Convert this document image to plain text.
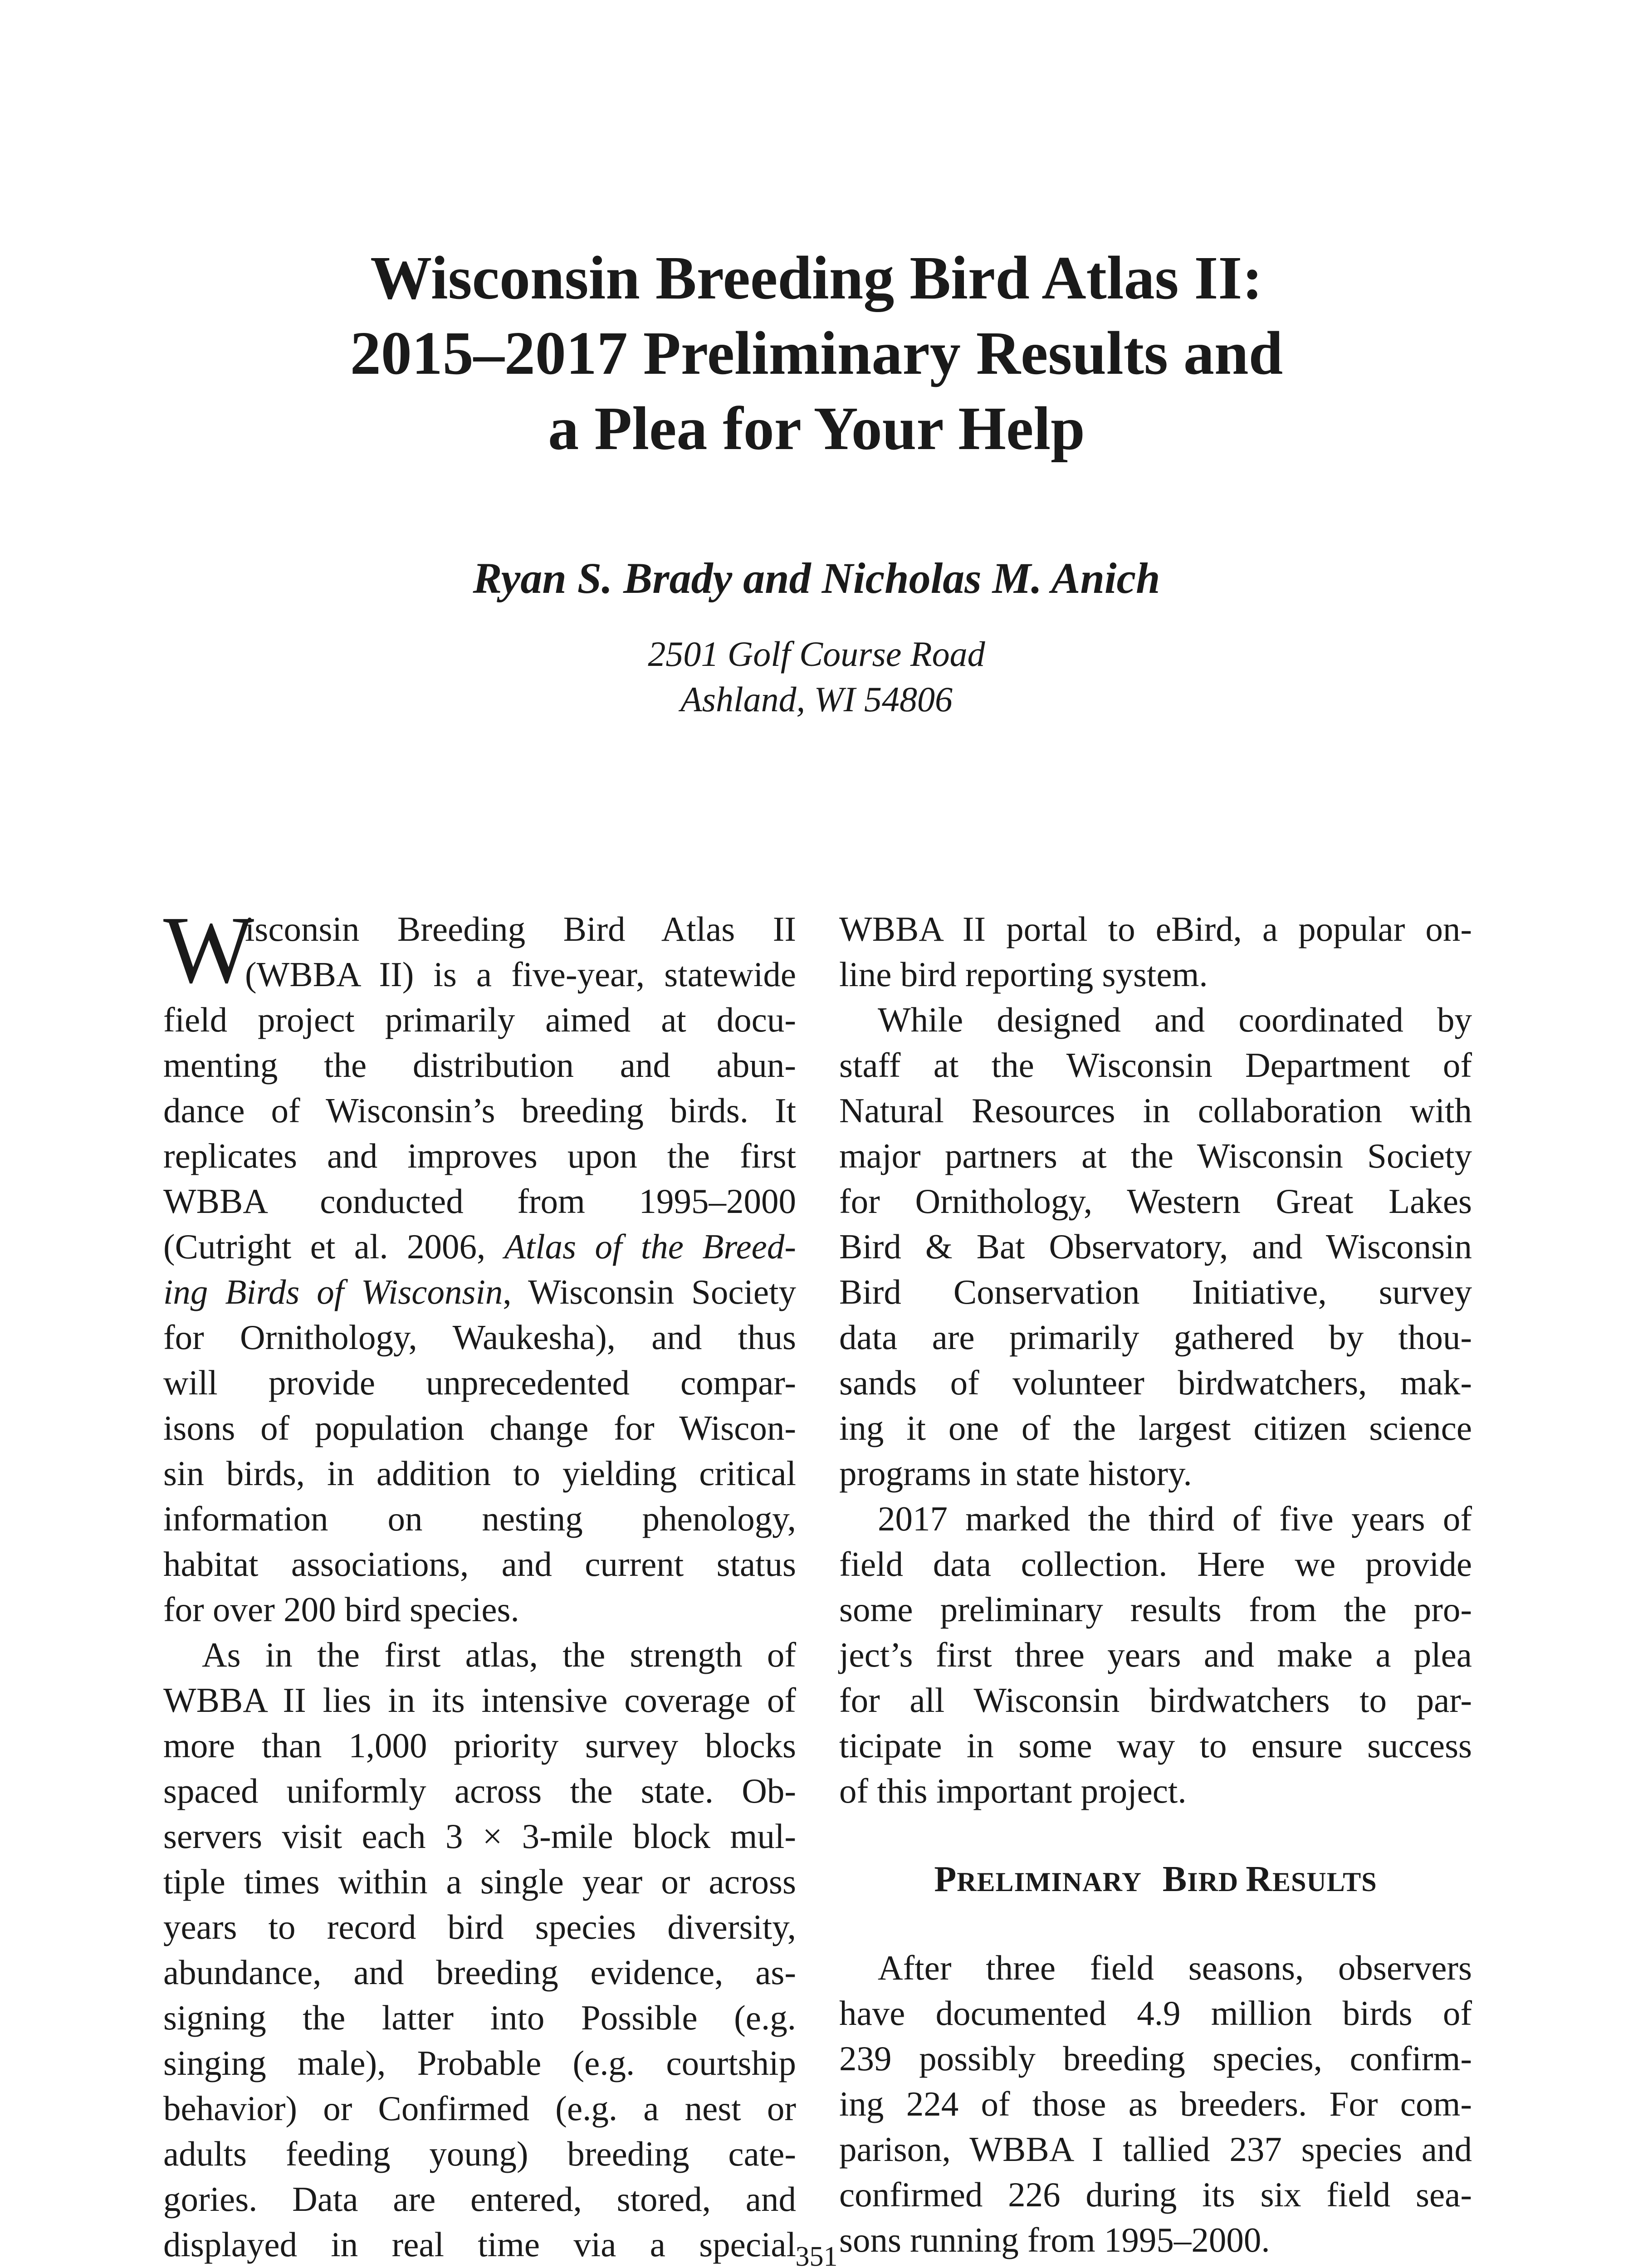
Wisconsin Breeding Bird Atlas II:
2015–2017 Preliminary Results and
a Plea for Your Help
Ryan S. Brady and Nicholas M. Anich
2501 Golf Course Road
Ashland, WI 54806
W
isconsin Breeding Bird Atlas II
(WBBA II) is a five-year, statewide
field project primarily aimed at docu-
menting the distribution and abun-
dance of Wisconsin’s breeding birds. It
replicates and improves upon the first
WBBA conducted from 1995–2000
(Cutright et al. 2006, Atlas of the Breed-
ing Birds of Wisconsin, Wisconsin Society
for Ornithology, Waukesha), and thus
will provide unprecedented compar-
isons of population change for Wiscon-
sin birds, in addition to yielding critical
information on nesting phenology,
habitat associations, and current status
for over 200 bird species.
As in the first atlas, the strength of
WBBA II lies in its intensive coverage of
more than 1,000 priority survey blocks
spaced uniformly across the state. Ob-
servers visit each 3 × 3-mile block mul-
tiple times within a single year or across
years to record bird species diversity,
abundance, and breeding evidence, as-
signing the latter into Possible (e.g.
singing male), Probable (e.g. courtship
behavior) or Confirmed (e.g. a nest or
adults feeding young) breeding cate-
gories. Data are entered, stored, and
displayed in real time via a special
WBBA II portal to eBird, a popular on-
line bird reporting system.
While designed and coordinated by
staff at the Wisconsin Department of
Natural Resources in collaboration with
major partners at the Wisconsin Society
for Ornithology, Western Great Lakes
Bird & Bat Observatory, and Wisconsin
Bird Conservation Initiative, survey
data are primarily gathered by thou-
sands of volunteer birdwatchers, mak-
ing it one of the largest citizen science
programs in state history.
2017 marked the third of five years of
field data collection. Here we provide
some preliminary results from the pro-
ject’s first three years and make a plea
for all Wisconsin birdwatchers to par-
ticipate in some way to ensure success
of this important project.
PRELIMINARY BIRD RESULTS
After three field seasons, observers
have documented 4.9 million birds of
239 possibly breeding species, confirm-
ing 224 of those as breeders. For com-
parison, WBBA I tallied 237 species and
confirmed 226 during its six field sea-
sons running from 1995–2000.
351
